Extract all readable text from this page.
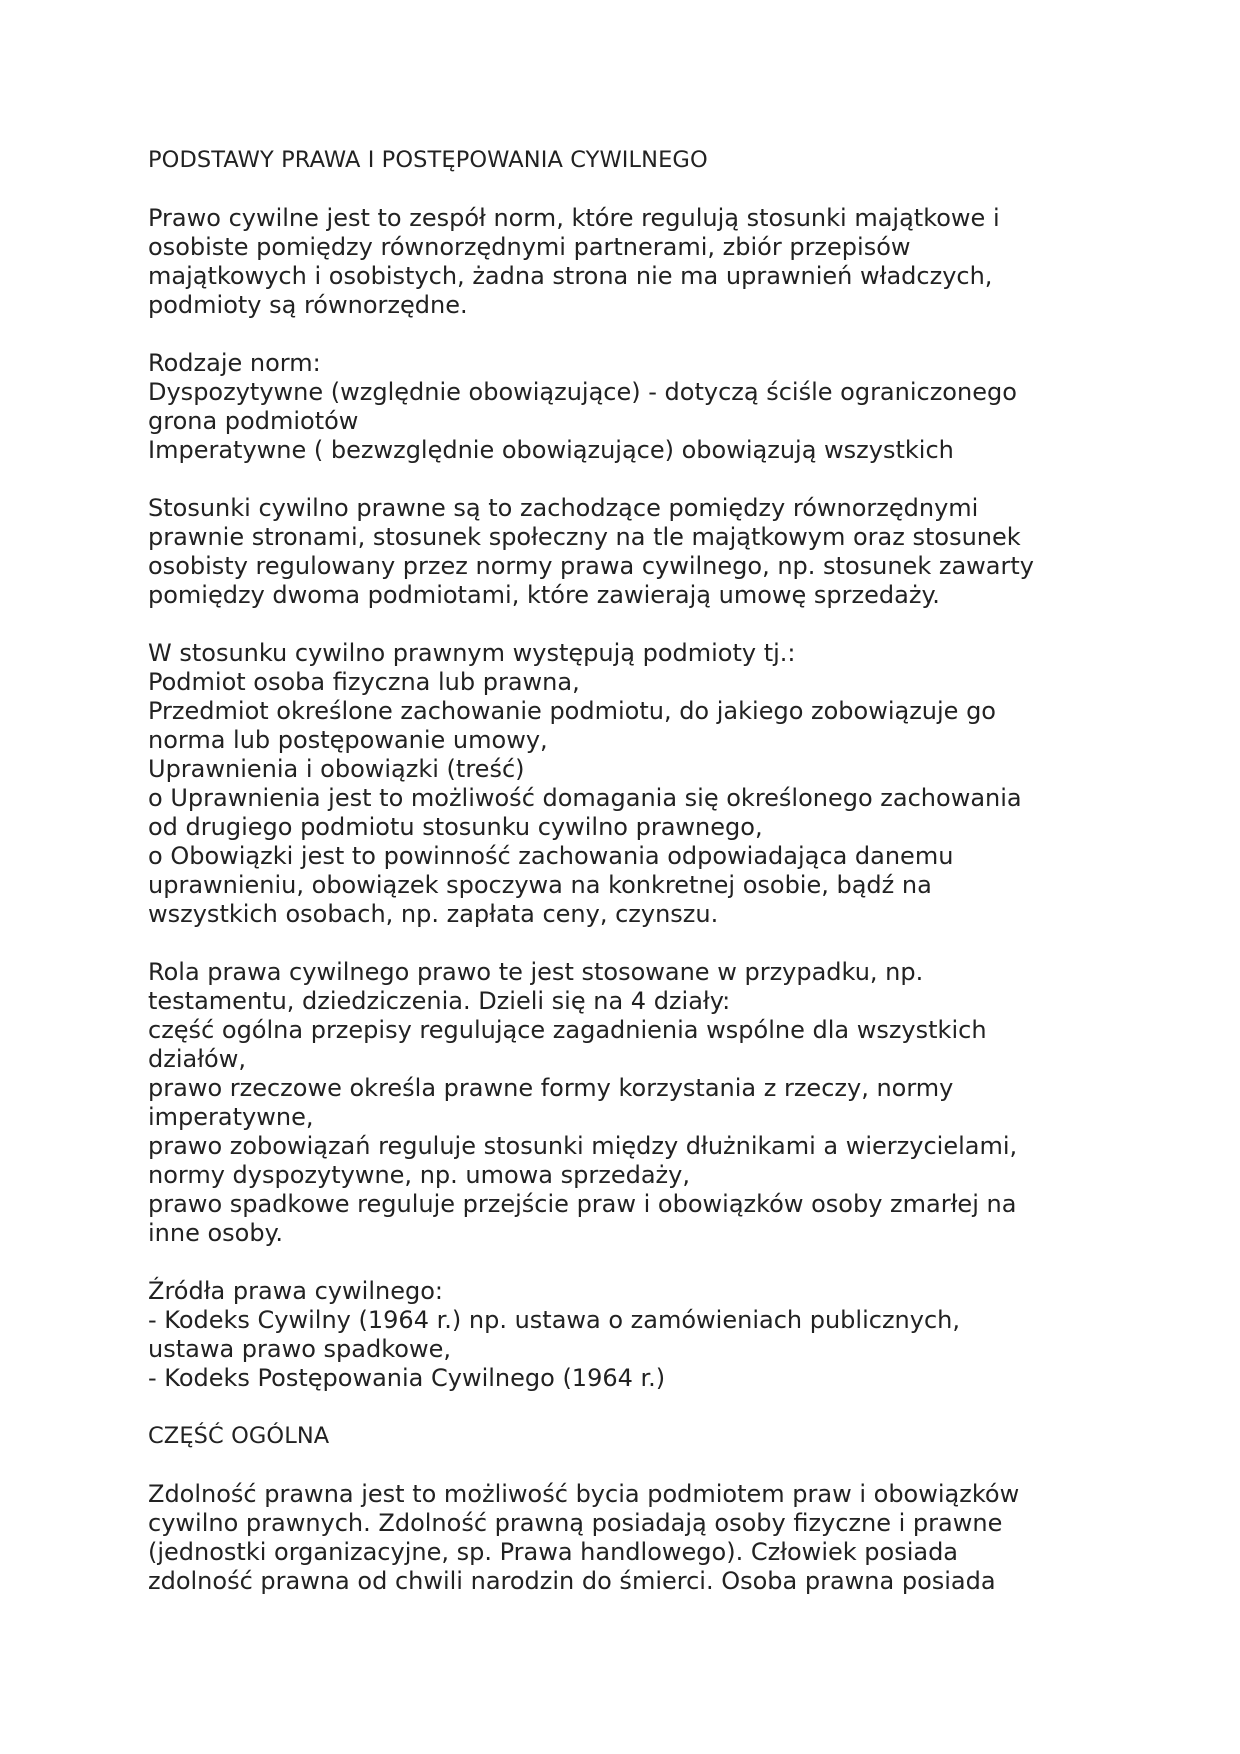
PODSTAWY PRAWA I POSTĘPOWANIA CYWILNEGO
Prawo cywilne jest to zespół norm, które regulują stosunki majątkowe i
osobiste pomiędzy równorzędnymi partnerami, zbiór przepisów
majątkowych i osobistych, żadna strona nie ma uprawnień władczych,
podmioty są równorzędne.
Rodzaje norm:
Dyspozytywne (względnie obowiązujące) - dotyczą ściśle ograniczonego
grona podmiotów
Imperatywne ( bezwzględnie obowiązujące) obowiązują wszystkich
Stosunki cywilno prawne są to zachodzące pomiędzy równorzędnymi
prawnie stronami, stosunek społeczny na tle majątkowym oraz stosunek
osobisty regulowany przez normy prawa cywilnego, np. stosunek zawarty
pomiędzy dwoma podmiotami, które zawierają umowę sprzedaży.
W stosunku cywilno prawnym występują podmioty tj.:
Podmiot osoba fizyczna lub prawna,
Przedmiot określone zachowanie podmiotu, do jakiego zobowiązuje go
norma lub postępowanie umowy,
Uprawnienia i obowiązki (treść)
o Uprawnienia jest to możliwość domagania się określonego zachowania
od drugiego podmiotu stosunku cywilno prawnego,
o Obowiązki jest to powinność zachowania odpowiadająca danemu
uprawnieniu, obowiązek spoczywa na konkretnej osobie, bądź na
wszystkich osobach, np. zapłata ceny, czynszu.
Rola prawa cywilnego prawo te jest stosowane w przypadku, np.
testamentu, dziedziczenia. Dzieli się na 4 działy:
część ogólna przepisy regulujące zagadnienia wspólne dla wszystkich
działów,
prawo rzeczowe określa prawne formy korzystania z rzeczy, normy
imperatywne,
prawo zobowiązań reguluje stosunki między dłużnikami a wierzycielami,
normy dyspozytywne, np. umowa sprzedaży,
prawo spadkowe reguluje przejście praw i obowiązków osoby zmarłej na
inne osoby.
Źródła prawa cywilnego:
- Kodeks Cywilny (1964 r.) np. ustawa o zamówieniach publicznych,
ustawa prawo spadkowe,
- Kodeks Postępowania Cywilnego (1964 r.)
CZĘŚĆ OGÓLNA
Zdolność prawna jest to możliwość bycia podmiotem praw i obowiązków
cywilno prawnych. Zdolność prawną posiadają osoby fizyczne i prawne
(jednostki organizacyjne, sp. Prawa handlowego). Człowiek posiada
zdolność prawna od chwili narodzin do śmierci. Osoba prawna posiada
